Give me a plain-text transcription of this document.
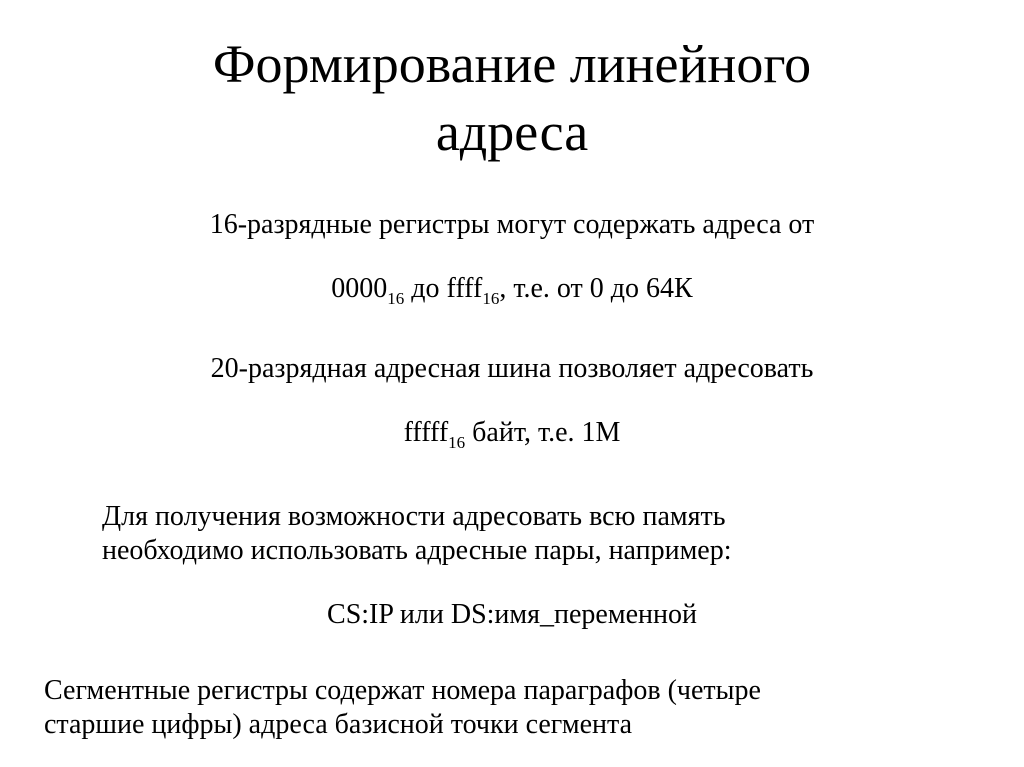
Формирование линейного
адреса

16-разрядные регистры могут содержать адреса от

$0000_{16}$ до ffff$_{16}$, т.е. от 0 до 64К

20-разрядная адресная шина позволяет адресовать

fffff$_{16}$ байт, т.е. 1М

Для получения возможности адресовать всю память
необходимо использовать адресные пары, например:

CS:IP или DS:имя_переменной

Сегментные регистры содержат номера параграфов (четыре
старшие цифры) адреса базисной точки сегмента
